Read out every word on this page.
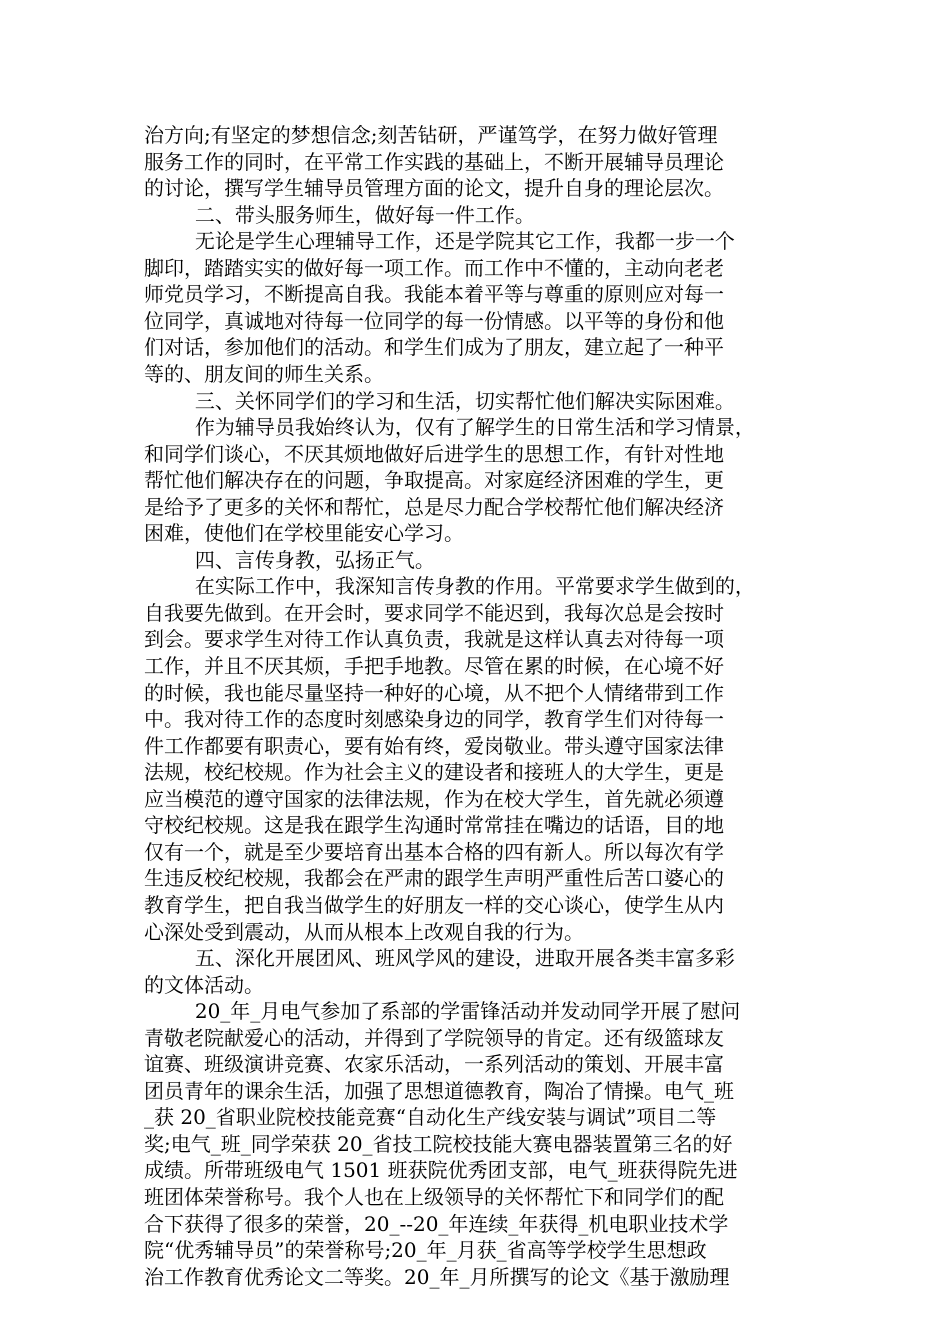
治方向;有坚定的梦想信念;刻苦钻研，严谨笃学，在努力做好管理
服务工作的同时，在平常工作实践的基础上，不断开展辅导员理论
的讨论，撰写学生辅导员管理方面的论文，提升自身的理论层次。
二、带头服务师生，做好每一件工作。
无论是学生心理辅导工作，还是学院其它工作，我都一步一个
脚印，踏踏实实的做好每一项工作。而工作中不懂的，主动向老老
师党员学习，不断提高自我。我能本着平等与尊重的原则应对每一
位同学，真诚地对待每一位同学的每一份情感。以平等的身份和他
们对话，参加他们的活动。和学生们成为了朋友，建立起了一种平
等的、朋友间的师生关系。
三、关怀同学们的学习和生活，切实帮忙他们解决实际困难。
作为辅导员我始终认为，仅有了解学生的日常生活和学习情景，
和同学们谈心，不厌其烦地做好后进学生的思想工作，有针对性地
帮忙他们解决存在的问题，争取提高。对家庭经济困难的学生，更
是给予了更多的关怀和帮忙，总是尽力配合学校帮忙他们解决经济
困难，使他们在学校里能安心学习。
四、言传身教，弘扬正气。
在实际工作中，我深知言传身教的作用。平常要求学生做到的，
自我要先做到。在开会时，要求同学不能迟到，我每次总是会按时
到会。要求学生对待工作认真负责，我就是这样认真去对待每一项
工作，并且不厌其烦，手把手地教。尽管在累的时候，在心境不好
的时候，我也能尽量坚持一种好的心境，从不把个人情绪带到工作
中。我对待工作的态度时刻感染身边的同学，教育学生们对待每一
件工作都要有职责心，要有始有终，爱岗敬业。带头遵守国家法律
法规，校纪校规。作为社会主义的建设者和接班人的大学生，更是
应当模范的遵守国家的法律法规，作为在校大学生，首先就必须遵
守校纪校规。这是我在跟学生沟通时常常挂在嘴边的话语，目的地
仅有一个，就是至少要培育出基本合格的四有新人。所以每次有学
生违反校纪校规，我都会在严肃的跟学生声明严重性后苦口婆心的
教育学生，把自我当做学生的好朋友一样的交心谈心，使学生从内
心深处受到震动，从而从根本上改观自我的行为。
五、深化开展团风、班风学风的建设，进取开展各类丰富多彩
的文体活动。
20_年_月电气参加了系部的学雷锋活动并发动同学开展了慰问
青敬老院献爱心的活动，并得到了学院领导的肯定。还有级篮球友
谊赛、班级演讲竞赛、农家乐活动，一系列活动的策划、开展丰富
团员青年的课余生活，加强了思想道德教育，陶冶了情操。电气_班
_获 20_省职业院校技能竞赛“自动化生产线安装与调试”项目二等
奖;电气_班_同学荣获 20_省技工院校技能大赛电器装置第三名的好
成绩。所带班级电气 1501 班获院优秀团支部，电气_班获得院先进
班团体荣誉称号。我个人也在上级领导的关怀帮忙下和同学们的配
合下获得了很多的荣誉，20_--20_年连续_年获得_机电职业技术学
院“优秀辅导员”的荣誉称号;20_年_月获_省高等学校学生思想政
治工作教育优秀论文二等奖。20_年_月所撰写的论文《基于激励理
